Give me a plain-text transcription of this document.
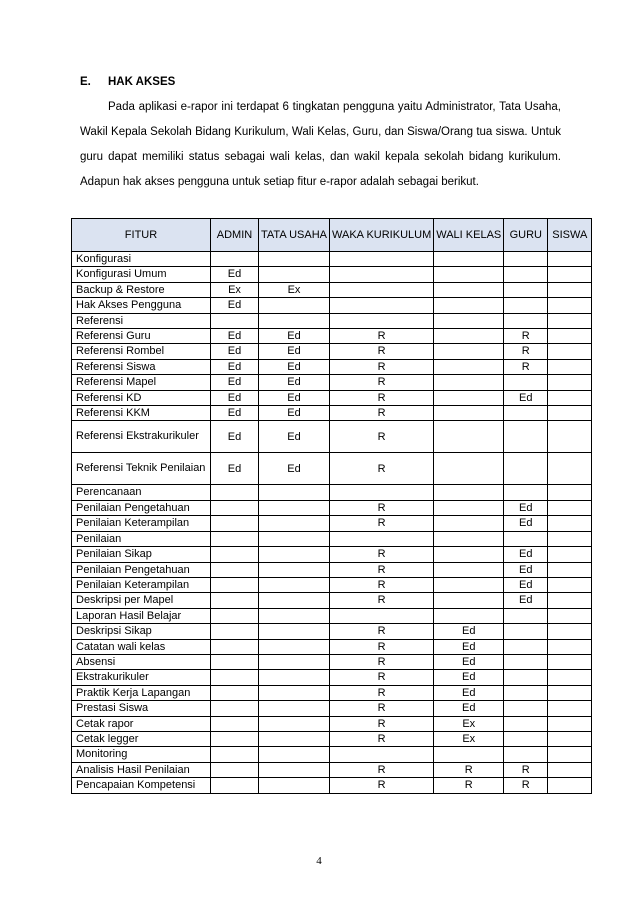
E. HAK AKSES
Pada aplikasi e-rapor ini terdapat 6 tingkatan pengguna yaitu Administrator, Tata Usaha, Wakil Kepala Sekolah Bidang Kurikulum, Wali Kelas, Guru, dan Siswa/Orang tua siswa. Untuk guru dapat memiliki status sebagai wali kelas, dan wakil kepala sekolah bidang kurikulum. Adapun hak akses pengguna untuk setiap fitur e-rapor adalah sebagai berikut.
FITUR	ADMIN	TATA USAHA	WAKA KURIKULUM	WALI KELAS	GURU	SISWA
Konfigurasi						
Konfigurasi Umum	Ed					
Backup & Restore	Ex	Ex				
Hak Akses Pengguna	Ed					
Referensi						
Referensi Guru	Ed	Ed	R		R	
Referensi Rombel	Ed	Ed	R		R	
Referensi Siswa	Ed	Ed	R		R	
Referensi Mapel	Ed	Ed	R			
Referensi KD	Ed	Ed	R		Ed	
Referensi KKM	Ed	Ed	R			
Referensi Ekstrakurikuler	Ed	Ed	R			
Referensi Teknik Penilaian	Ed	Ed	R			
Perencanaan						
Penilaian Pengetahuan			R		Ed	
Penilaian Keterampilan			R		Ed	
Penilaian						
Penilaian Sikap			R		Ed	
Penilaian Pengetahuan			R		Ed	
Penilaian Keterampilan			R		Ed	
Deskripsi per Mapel			R		Ed	
Laporan Hasil Belajar						
Deskripsi Sikap			R	Ed		
Catatan wali kelas			R	Ed		
Absensi			R	Ed		
Ekstrakurikuler			R	Ed		
Praktik Kerja Lapangan			R	Ed		
Prestasi Siswa			R	Ed		
Cetak rapor			R	Ex		
Cetak legger			R	Ex		
Monitoring						
Analisis Hasil Penilaian			R	R	R	
Pencapaian Kompetensi			R	R	R	
4
